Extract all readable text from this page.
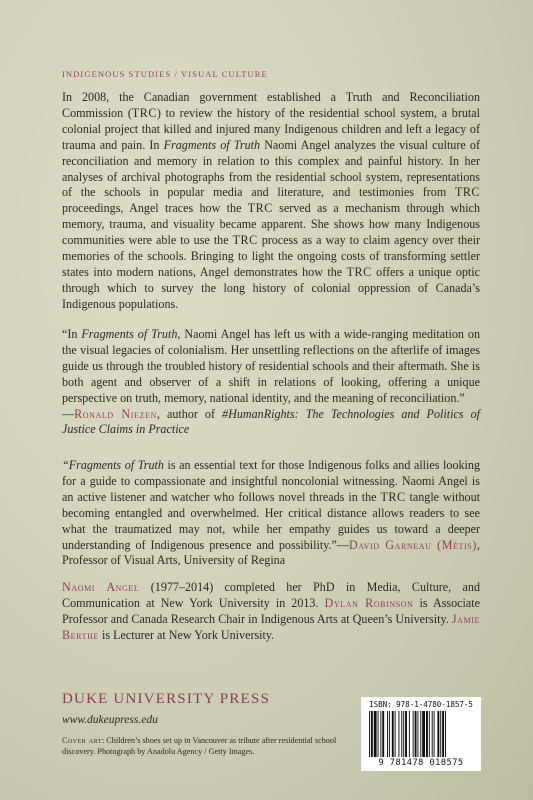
INDIGENOUS STUDIES / VISUAL CULTURE
In 2008, the Canadian government established a Truth and Reconciliation Commission (TRC) to review the history of the residential school system, a brutal colonial project that killed and injured many Indigenous children and left a legacy of trauma and pain. In Fragments of Truth Naomi Angel analyzes the visual culture of reconciliation and memory in relation to this complex and painful history. In her analyses of archival photographs from the residential school system, representations of the schools in popular media and literature, and testimonies from TRC proceedings, Angel traces how the TRC served as a mechanism through which memory, trauma, and visuality became apparent. She shows how many Indigenous communities were able to use the TRC process as a way to claim agency over their memories of the schools. Bringing to light the ongoing costs of transforming settler states into modern nations, Angel demonstrates how the TRC offers a unique optic through which to survey the long history of colonial oppression of Canada’s Indigenous populations.
“In Fragments of Truth, Naomi Angel has left us with a wide-ranging meditation on the visual legacies of colonialism. Her unsettling reflections on the afterlife of images guide us through the troubled history of residential schools and their aftermath. She is both agent and observer of a shift in relations of looking, offering a unique perspective on truth, memory, national identity, and the meaning of reconciliation.”
—Ronald Niezen, author of #HumanRights: The Technologies and Politics of Justice Claims in Practice
“Fragments of Truth is an essential text for those Indigenous folks and allies looking for a guide to compassionate and insightful noncolonial witnessing. Naomi Angel is an active listener and watcher who follows novel threads in the TRC tangle without becoming entangled and overwhelmed. Her critical distance allows readers to see what the traumatized may not, while her empathy guides us toward a deeper understanding of Indigenous presence and possibility.”—David Garneau (Métis), Professor of Visual Arts, University of Regina
Naomi Angel (1977–2014) completed her PhD in Media, Culture, and Communication at New York University in 2013. Dylan Robinson is Associate Professor and Canada Research Chair in Indigenous Arts at Queen’s University. Jamie Berthe is Lecturer at New York University.
DUKE UNIVERSITY PRESS
www.dukeupress.edu
Cover art: Children’s shoes set up in Vancouver as tribute after residential school discovery. Photograph by Anadolu Agency / Getty Images.
ISBN: 978-1-4780-1857-5
9 781478 018575
